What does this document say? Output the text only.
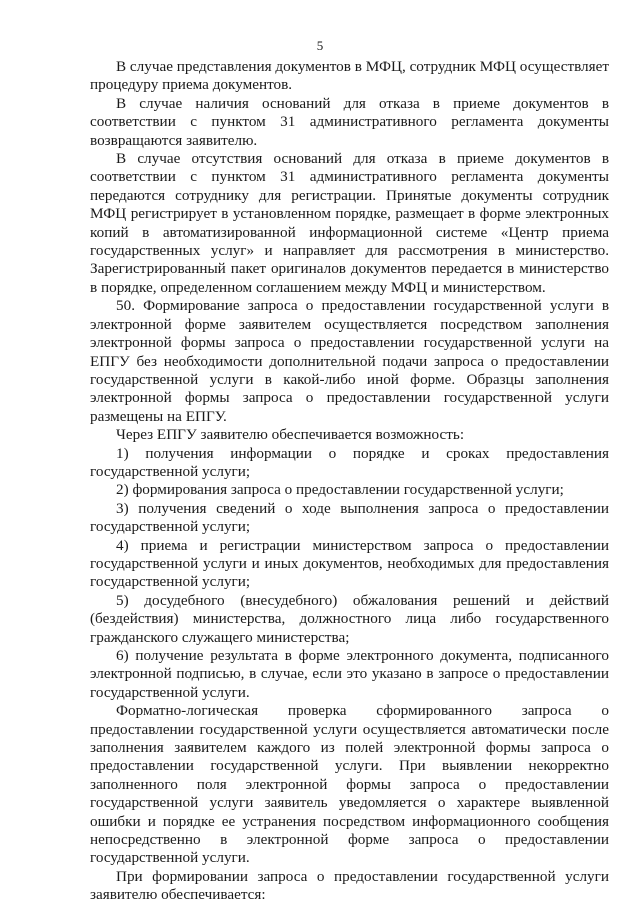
5

В случае представления документов в МФЦ, сотрудник МФЦ осуществляет процедуру приема документов.

В случае наличия оснований для отказа в приеме документов в соответствии с пунктом 31 административного регламента документы возвращаются заявителю.

В случае отсутствия оснований для отказа в приеме документов в соответствии с пунктом 31 административного регламента документы передаются сотруднику для регистрации. Принятые документы сотрудник МФЦ регистрирует в установленном порядке, размещает в форме электронных копий в автоматизированной информационной системе «Центр приема государственных услуг» и направляет для рассмотрения в министерство. Зарегистрированный пакет оригиналов документов передается в министерство в порядке, определенном соглашением между МФЦ и министерством.

50. Формирование запроса о предоставлении государственной услуги в электронной форме заявителем осуществляется посредством заполнения электронной формы запроса о предоставлении государственной услуги на ЕПГУ без необходимости дополнительной подачи запроса о предоставлении государственной услуги в какой-либо иной форме. Образцы заполнения электронной формы запроса о предоставлении государственной услуги размещены на ЕПГУ.

Через ЕПГУ заявителю обеспечивается возможность:

1) получения информации о порядке и сроках предоставления государственной услуги;

2) формирования запроса о предоставлении государственной услуги;

3) получения сведений о ходе выполнения запроса о предоставлении государственной услуги;

4) приема и регистрации министерством запроса о предоставлении государственной услуги и иных документов, необходимых для предоставления государственной услуги;

5) досудебного (внесудебного) обжалования решений и действий (бездействия) министерства, должностного лица либо государственного гражданского служащего министерства;

6) получение результата в форме электронного документа, подписанного электронной подписью, в случае, если это указано в запросе о предоставлении государственной услуги.

Форматно-логическая проверка сформированного запроса о предоставлении государственной услуги осуществляется автоматически после заполнения заявителем каждого из полей электронной формы запроса о предоставлении государственной услуги. При выявлении некорректно заполненного поля электронной формы запроса о предоставлении государственной услуги заявитель уведомляется о характере выявленной ошибки и порядке ее устранения посредством информационного сообщения непосредственно в электронной форме запроса о предоставлении государственной услуги.

При формировании запроса о предоставлении государственной услуги заявителю обеспечивается:
